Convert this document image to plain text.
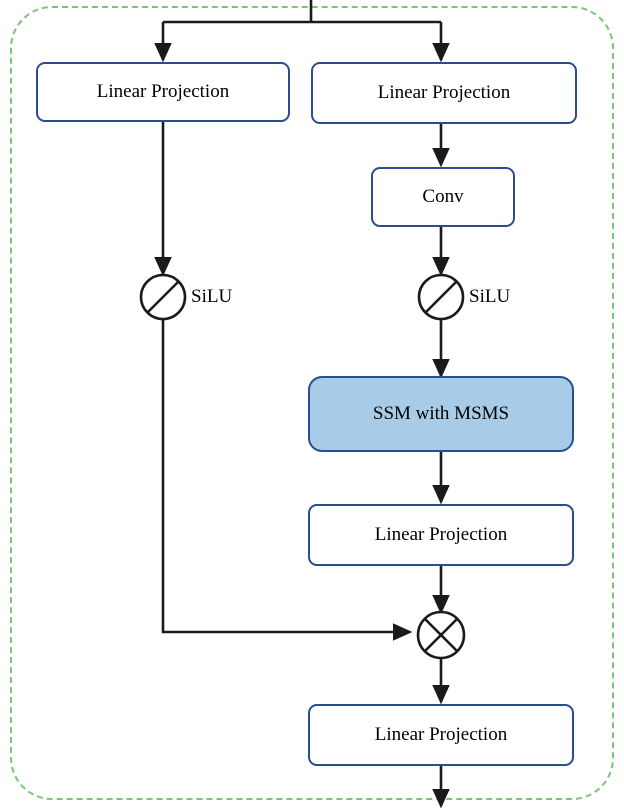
Linear Projection	Linear Projection
Conv
SiLU	SiLU
SSM with MSMS
Linear Projection
Linear Projection
